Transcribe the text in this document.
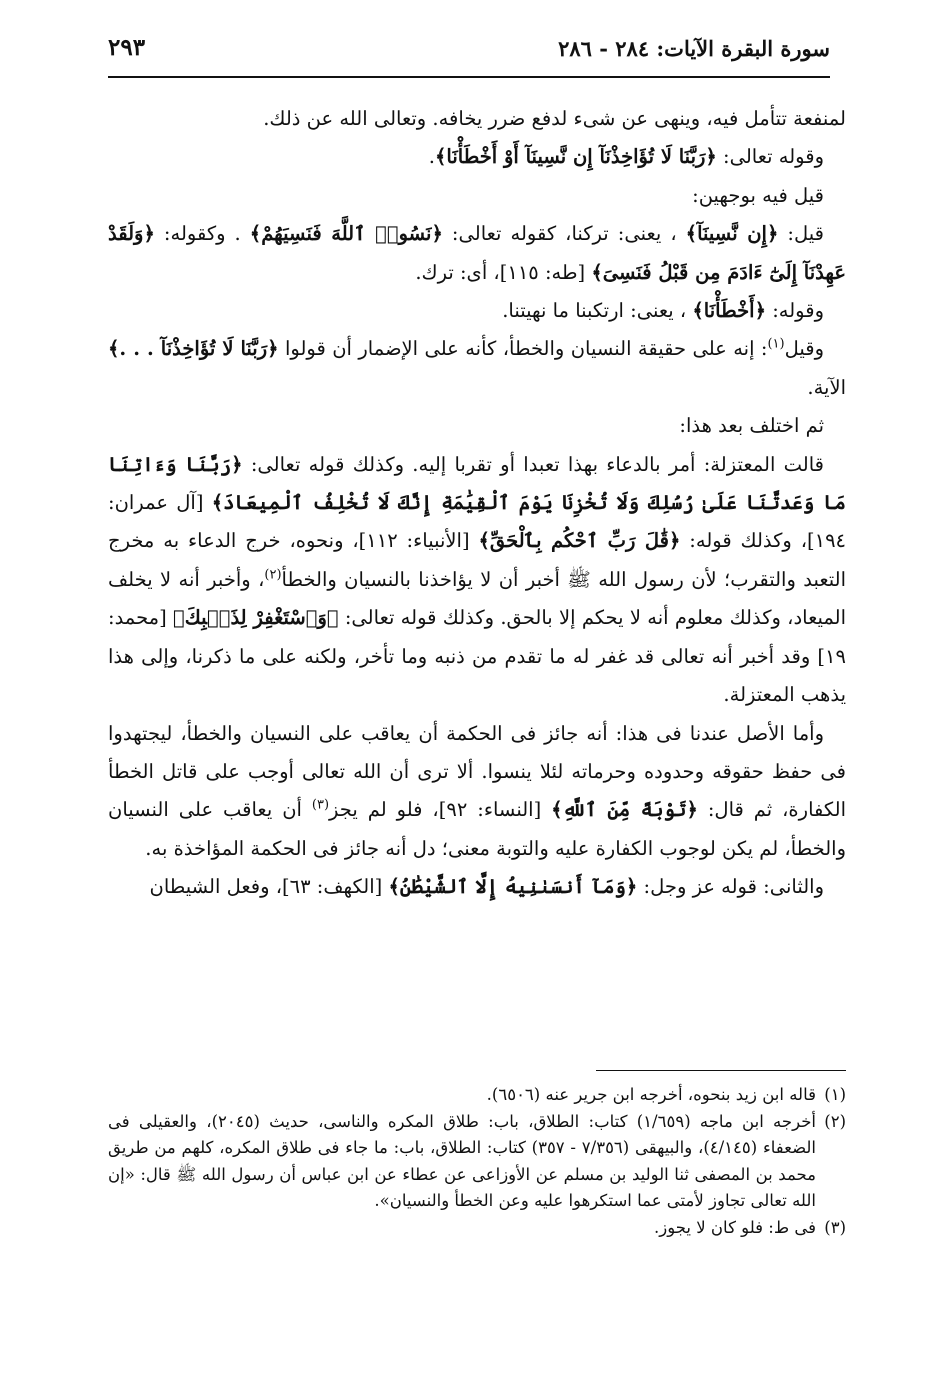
سورة البقرة الآيات: ٢٨٤ - ٢٨٦
٢٩٣

لمنفعة تتأمل فيه، وينهى عن شىء لدفع ضرر يخافه. وتعالى الله عن ذلك.

وقوله تعالى: ﴿رَبَّنَا لَا تُؤَاخِذْنَآ إِن نَّسِينَآ أَوْ أَخْطَأْنَا﴾.

قيل فيه بوجهين:

قيل: ﴿إِن نَّسِينَآ﴾ ، يعنى: تركنا، كقوله تعالى: ﴿نَسُوا۟ ٱللَّهَ فَنَسِيَهُمْ﴾ . وكقوله: ﴿وَلَقَدْ عَهِدْنَآ إِلَىٰٓ ءَادَمَ مِن قَبْلُ فَنَسِىَ﴾ [طه: ١١٥]، أى: ترك.

وقوله: ﴿أَخْطَأْنَا﴾ ، يعنى: ارتكبنا ما نهيتنا.

وقيل$^{(١)}$: إنه على حقيقة النسيان والخطأ، كأنه على الإضمار أن قولوا ﴿رَبَّنَا لَا تُؤَاخِذْنَآ . . .﴾ الآية.

ثم اختلف بعد هذا:

قالت المعتزلة: أمر بالدعاء بهذا تعبدا أو تقربا إليه. وكذلك قوله تعالى: ﴿رَبَّنَا وَءَاتِنَا مَا وَعَدتَّنَا عَلَىٰ رُسُلِكَ وَلَا تُخْزِنَا يَوْمَ ٱلْقِيَٰمَةِ إِنَّكَ لَا تُخْلِفُ ٱلْمِيعَادَ﴾ [آل عمران: ١٩٤]، وكذلك قوله: ﴿قَٰلَ رَبِّ ٱحْكُم بِٱلْحَقِّ﴾ [الأنبياء: ١١٢]، ونحوه، خرج الدعاء به مخرج التعبد والتقرب؛ لأن رسول الله ﷺ أخبر أن لا يؤاخذنا بالنسيان والخطأ$^{(٢)}$، وأخبر أنه لا يخلف الميعاد، وكذلك معلوم أنه لا يحكم إلا بالحق. وكذلك قوله تعالى: ﴿وَٱسْتَغْفِرْ لِذَنۢبِكَ﴾ [محمد: ١٩] وقد أخبر أنه تعالى قد غفر له ما تقدم من ذنبه وما تأخر، ولكنه على ما ذكرنا، وإلى هذا يذهب المعتزلة.

وأما الأصل عندنا فى هذا: أنه جائز فى الحكمة أن يعاقب على النسيان والخطأ، ليجتهدوا فى حفظ حقوقه وحدوده وحرماته لئلا ينسوا. ألا ترى أن الله تعالى أوجب على قاتل الخطأ الكفارة، ثم قال: ﴿تَوْبَةً مِّنَ ٱللَّهِ﴾ [النساء: ٩٢]، فلو لم يجز$^{(٣)}$ أن يعاقب على النسيان والخطأ، لم يكن لوجوب الكفارة عليه والتوبة معنى؛ دل أنه جائز فى الحكمة المؤاخذة به.

والثانى: قوله عز وجل: ﴿وَمَآ أَنسَىٰنِيهُ إِلَّا ٱلشَّيْطَٰنُ﴾ [الكهف: ٦٣]، وفعل الشيطان

(١)
قاله ابن زيد بنحوه، أخرجه ابن جرير عنه (٦٥٠٦).
(٢)
أخرجه ابن ماجه (١/٦٥٩) كتاب: الطلاق، باب: طلاق المكره والناسى، حديث (٢٠٤٥)، والعقيلى فى الضعفاء (٤/١٤٥)، والبيهقى (٧/٣٥٦ - ٣٥٧) كتاب: الطلاق، باب: ما جاء فى طلاق المكره، كلهم من طريق محمد بن المصفى ثنا الوليد بن مسلم عن الأوزاعى عن عطاء عن ابن عباس أن رسول الله ﷺ قال: «إن الله تعالى تجاوز لأمتى عما استكرهوا عليه وعن الخطأ والنسيان».
(٣)
فى ط: فلو كان لا يجوز.
